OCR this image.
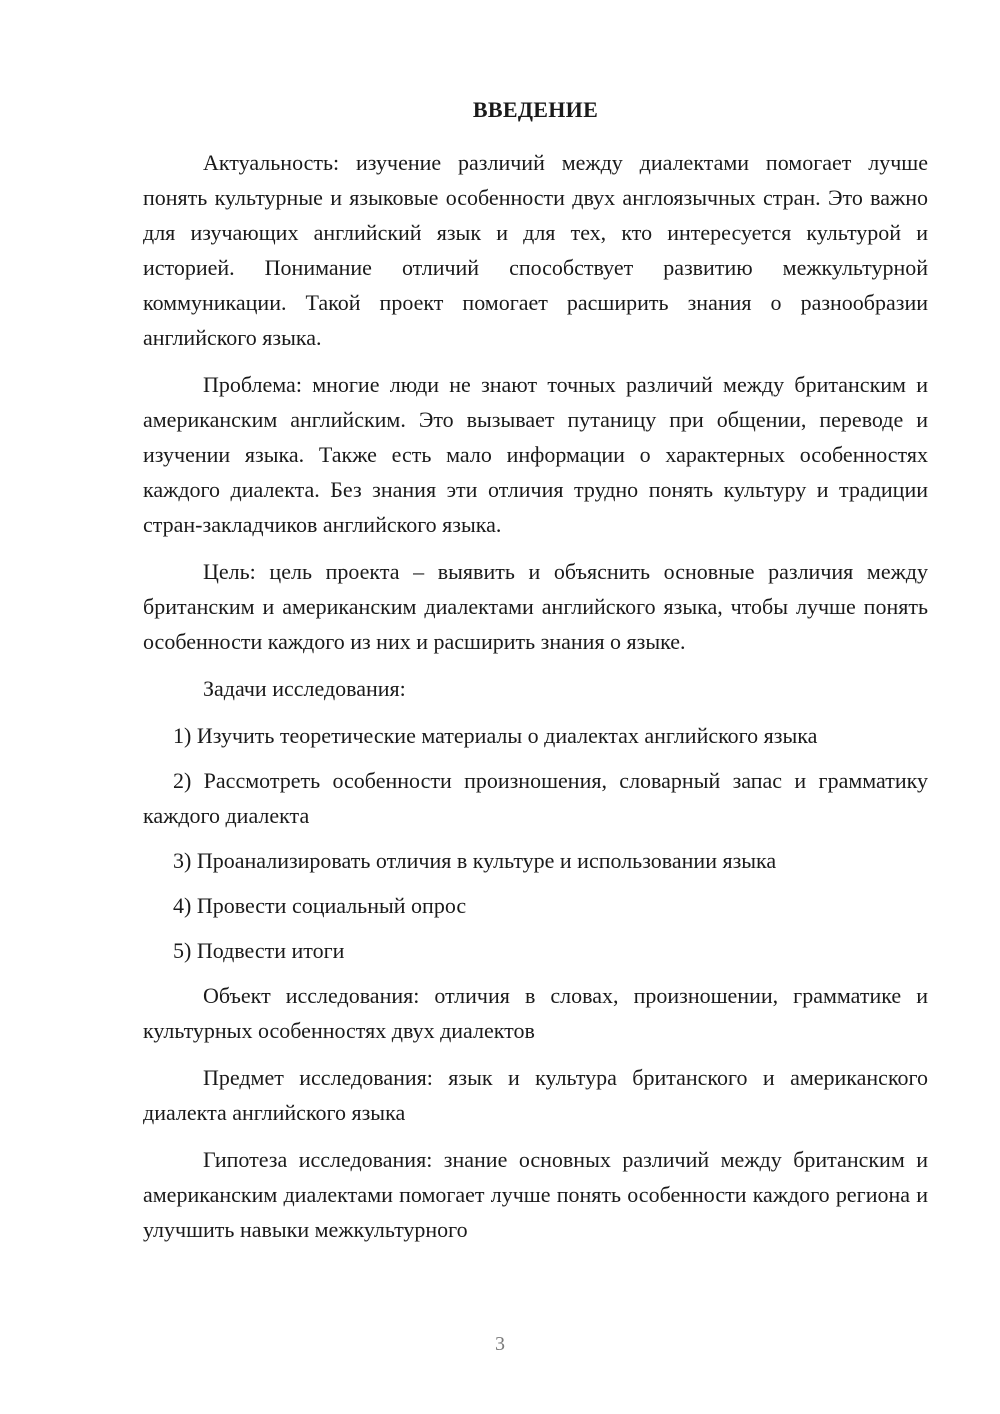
ВВЕДЕНИЕ

Актуальность: изучение различий между диалектами помогает лучше понять культурные и языковые особенности двух англоязычных стран. Это важно для изучающих английский язык и для тех, кто интересуется культурой и историей. Понимание отличий способствует развитию межкультурной коммуникации. Такой проект помогает расширить знания о разнообразии английского языка.

Проблема: многие люди не знают точных различий между британским и американским английским. Это вызывает путаницу при общении, переводе и изучении языка. Также есть мало информации о характерных особенностях каждого диалекта. Без знания эти отличия трудно понять культуру и традиции стран-закладчиков английского языка.

Цель: цель проекта – выявить и объяснить основные различия между британским и американским диалектами английского языка, чтобы лучше понять особенности каждого из них и расширить знания о языке.

Задачи исследования:

1) Изучить теоретические материалы о диалектах английского языка

2) Рассмотреть особенности произношения, словарный запас и грамматику каждого диалекта

3) Проанализировать отличия в культуре и использовании языка

4) Провести социальный опрос

5) Подвести итоги

Объект исследования: отличия в словах, произношении, грамматике и культурных особенностях двух диалектов

Предмет исследования: язык и культура британского и американского диалекта английского языка

Гипотеза исследования: знание основных различий между британским и американским диалектами помогает лучше понять особенности каждого региона и улучшить навыки межкультурного

3
